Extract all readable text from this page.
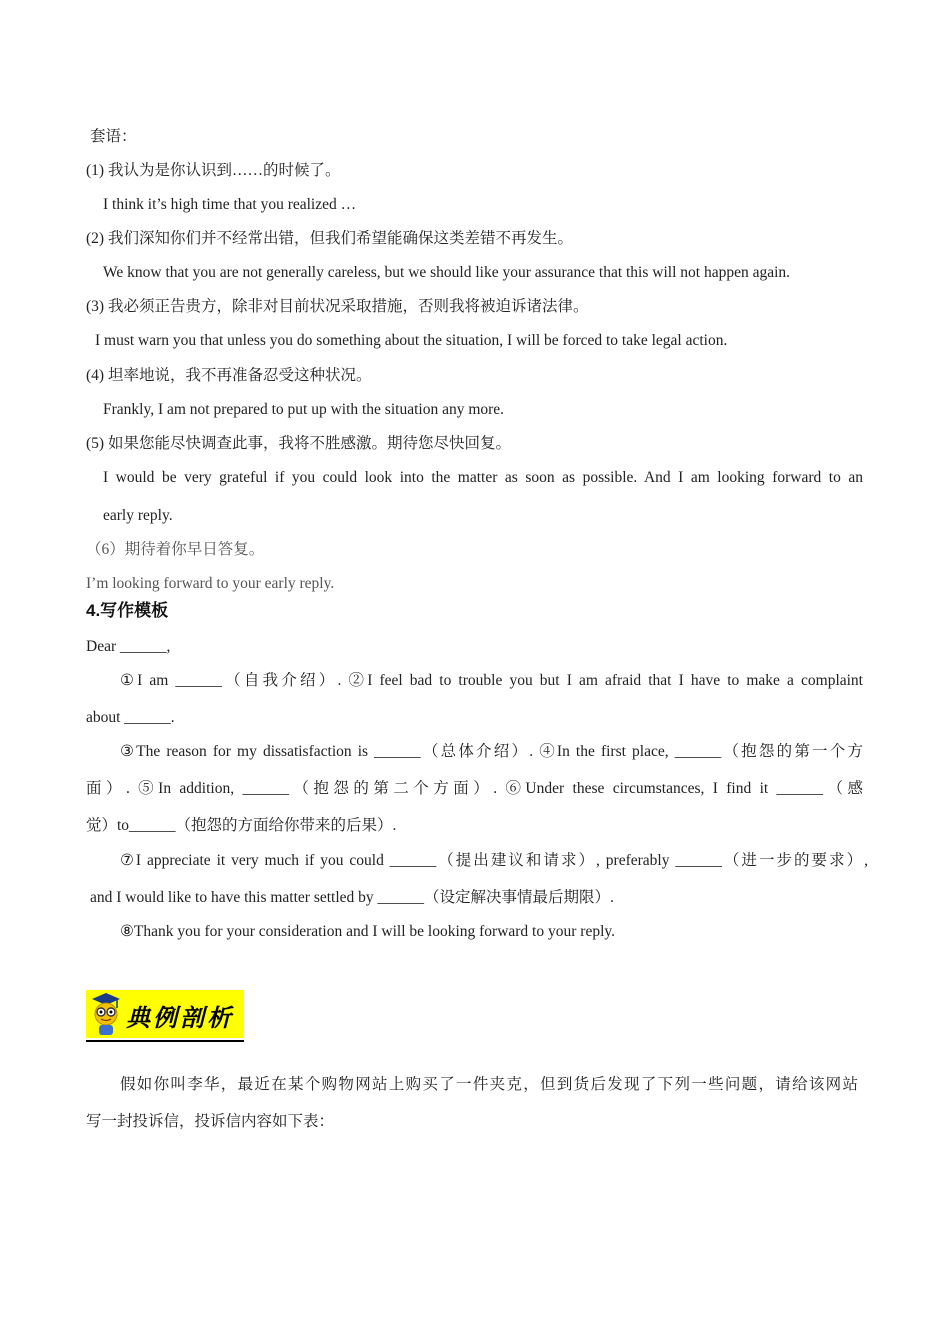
套语：
(1) 我认为是你认识到……的时候了。
I think it’s high time that you realized …
(2) 我们深知你们并不经常出错，但我们希望能确保这类差错不再发生。
We know that you are not generally careless, but we should like your assurance that this will not happen again.
(3) 我必须正告贵方，除非对目前状况采取措施，否则我将被迫诉诸法律。
I must warn you that unless you do something about the situation, I will be forced to take legal action.
(4) 坦率地说，我不再准备忍受这种状况。
Frankly, I am not prepared to put up with the situation any more.
(5) 如果您能尽快调查此事，我将不胜感激。期待您尽快回复。
I would be very grateful if you could look into the matter as soon as possible. And I am looking forward to an
early reply.
（6）期待着你早日答复。
I’m looking forward to your early reply.
4.写作模板
Dear ______,
①I am ______（自我介绍）. ②I feel bad to trouble you but I am afraid that I have to make a complaint
about ______.
③The reason for my dissatisfaction is ______（总体介绍）. ④In the first place, ______（抱怨的第一个方
面）. ⑤In addition, ______（抱怨的第二个方面）. ⑥Under these circumstances, I find it ______（感
觉）to______（抱怨的方面给你带来的后果）.
⑦I appreciate it very much if you could ______（提出建议和请求）, preferably ______（进一步的要求）,
and I would like to have this matter settled by ______（设定解决事情最后期限）.
⑧Thank you for your consideration and I will be looking forward to your reply.
典例剖析
假如你叫李华，最近在某个购物网站上购买了一件夹克，但到货后发现了下列一些问题，请给该网站
写一封投诉信，投诉信内容如下表：
